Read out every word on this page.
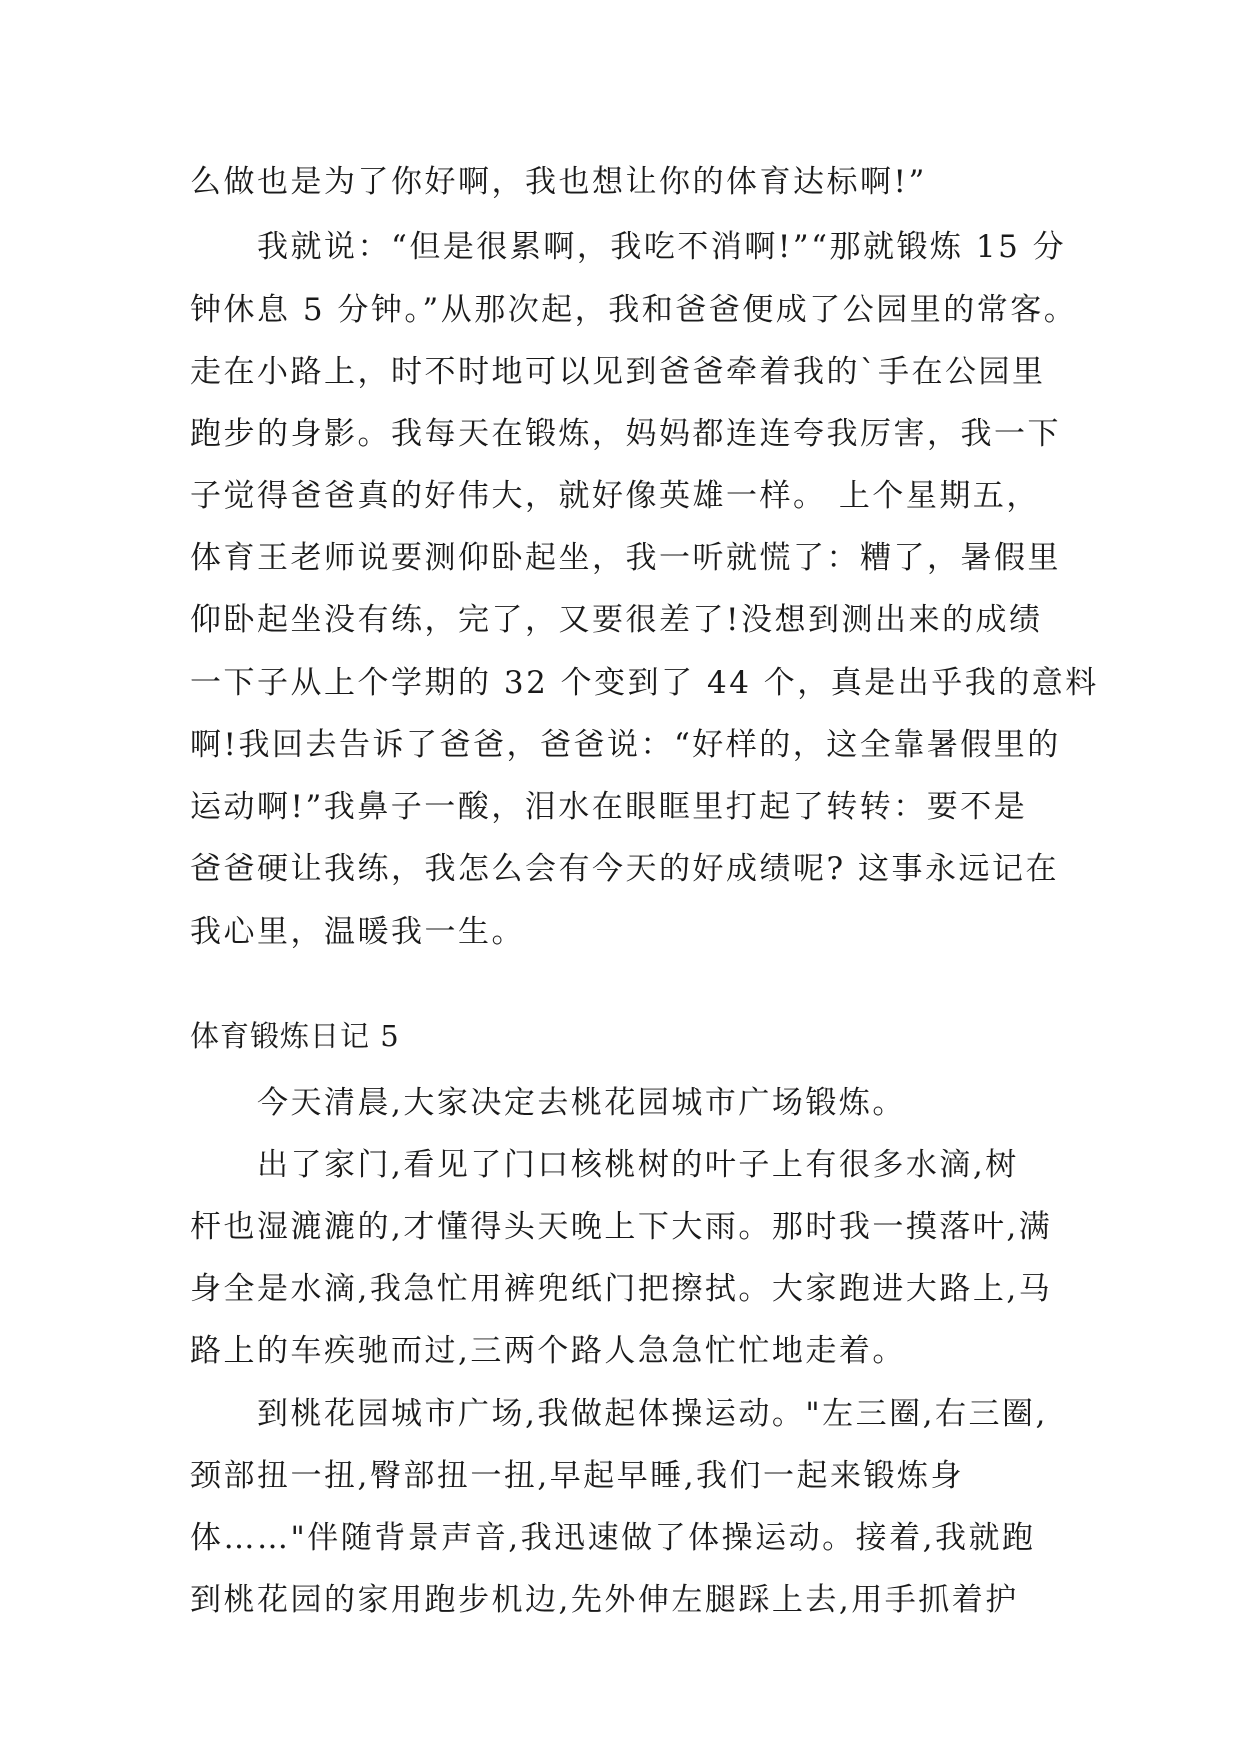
么做也是为了你好啊，我也想让你的体育达标啊!”
　　我就说：“但是很累啊，我吃不消啊!”“那就锻炼 15 分
钟休息 5 分钟。”从那次起，我和爸爸便成了公园里的常客。
走在小路上，时不时地可以见到爸爸牵着我的`手在公园里
跑步的身影。我每天在锻炼，妈妈都连连夸我厉害，我一下
子觉得爸爸真的好伟大，就好像英雄一样。 上个星期五，
体育王老师说要测仰卧起坐，我一听就慌了：糟了，暑假里
仰卧起坐没有练，完了，又要很差了!没想到测出来的成绩
一下子从上个学期的 32 个变到了 44 个，真是出乎我的意料
啊!我回去告诉了爸爸，爸爸说：“好样的，这全靠暑假里的
运动啊!”我鼻子一酸，泪水在眼眶里打起了转转：要不是
爸爸硬让我练，我怎么会有今天的好成绩呢? 这事永远记在
我心里，温暖我一生。
体育锻炼日记 5
　　今天清晨,大家决定去桃花园城市广场锻炼。
　　出了家门,看见了门口核桃树的叶子上有很多水滴,树
杆也湿漉漉的,才懂得头天晚上下大雨。那时我一摸落叶,满
身全是水滴,我急忙用裤兜纸门把擦拭。大家跑进大路上,马
路上的车疾驰而过,三两个路人急急忙忙地走着。
　　到桃花园城市广场,我做起体操运动。"左三圈,右三圈,
颈部扭一扭,臀部扭一扭,早起早睡,我们一起来锻炼身
体……"伴随背景声音,我迅速做了体操运动。接着,我就跑
到桃花园的家用跑步机边,先外伸左腿踩上去,用手抓着护
